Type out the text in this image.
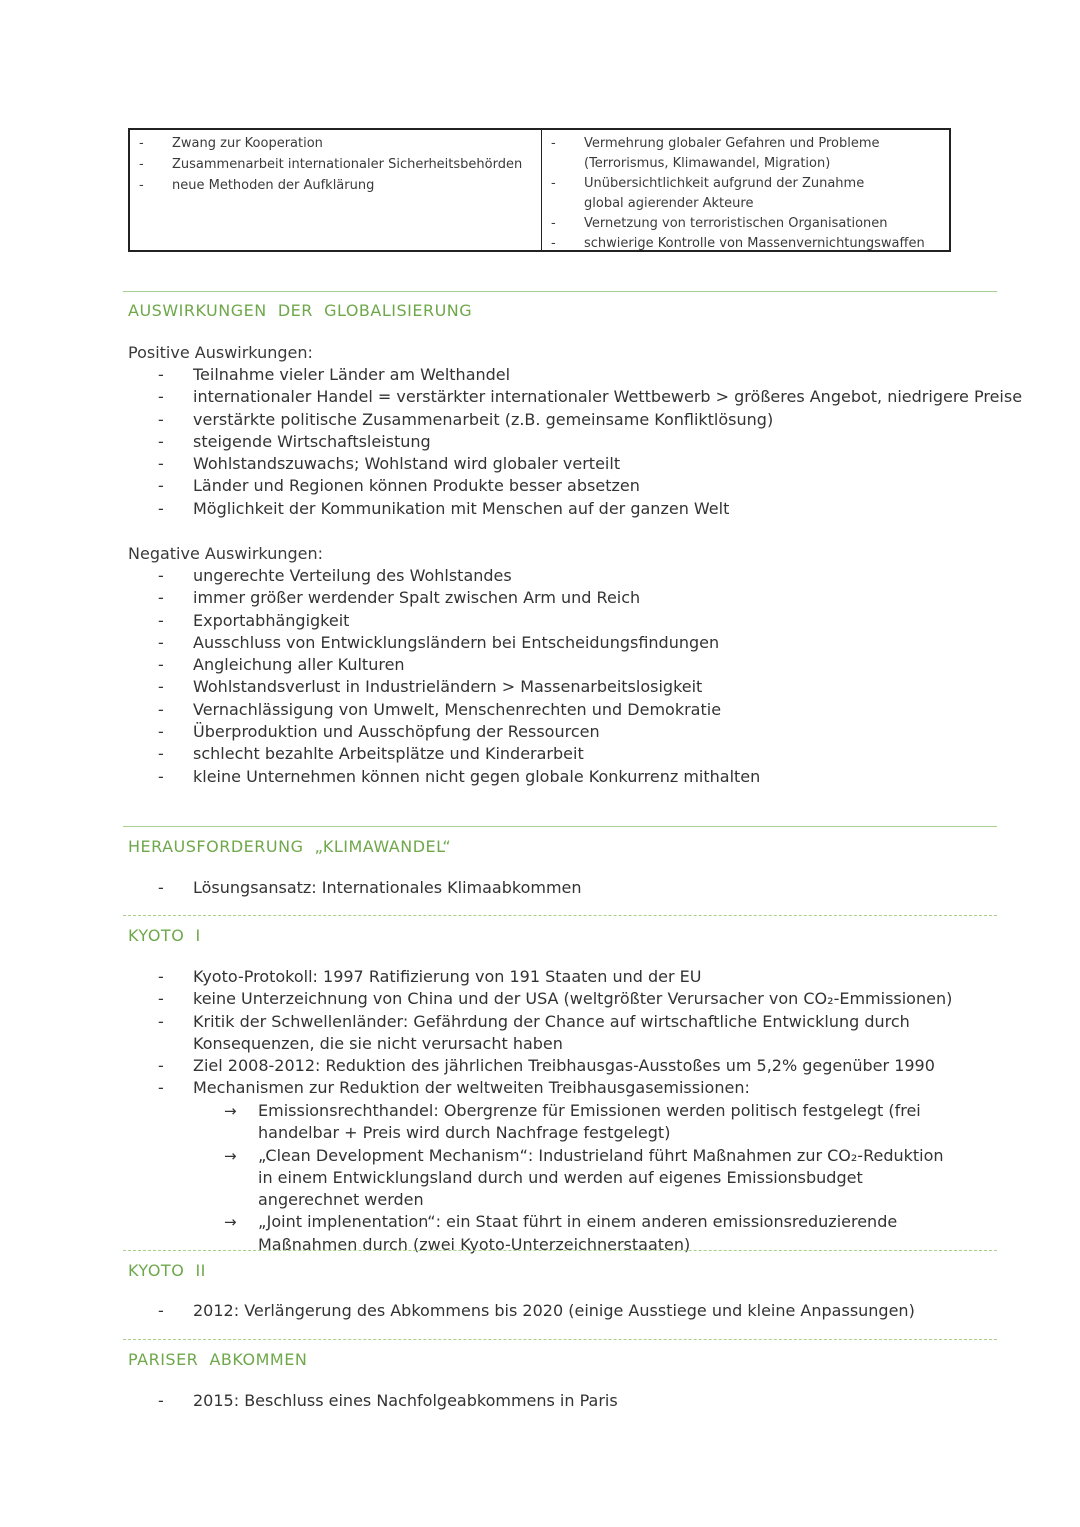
- Zwang zur Kooperation
- Zusammenarbeit internationaler Sicherheitsbehörden
- neue Methoden der Aufklärung
- Vermehrung globaler Gefahren und Probleme (Terrorismus, Klimawandel, Migration)
- Unübersichtlichkeit aufgrund der Zunahme global agierender Akteure
- Vernetzung von terroristischen Organisationen
- schwierige Kontrolle von Massenvernichtungswaffen
AUSWIRKUNGEN  DER  GLOBALISIERUNG
Positive Auswirkungen:
- Teilnahme vieler Länder am Welthandel
- internationaler Handel = verstärkter internationaler Wettbewerb > größeres Angebot, niedrigere Preise
- verstärkte politische Zusammenarbeit (z.B. gemeinsame Konfliktlösung)
- steigende Wirtschaftsleistung
- Wohlstandszuwachs; Wohlstand wird globaler verteilt
- Länder und Regionen können Produkte besser absetzen
- Möglichkeit der Kommunikation mit Menschen auf der ganzen Welt
Negative Auswirkungen:
- ungerechte Verteilung des Wohlstandes
- immer größer werdender Spalt zwischen Arm und Reich
- Exportabhängigkeit
- Ausschluss von Entwicklungsländern bei Entscheidungsfindungen
- Angleichung aller Kulturen
- Wohlstandsverlust in Industrieländern > Massenarbeitslosigkeit
- Vernachlässigung von Umwelt, Menschenrechten und Demokratie
- Überproduktion und Ausschöpfung der Ressourcen
- schlecht bezahlte Arbeitsplätze und Kinderarbeit
- kleine Unternehmen können nicht gegen globale Konkurrenz mithalten
HERAUSFORDERUNG  „KLIMAWANDEL“
- Lösungsansatz: Internationales Klimaabkommen
KYOTO  I
- Kyoto-Protokoll: 1997 Ratifizierung von 191 Staaten und der EU
- keine Unterzeichnung von China und der USA (weltgrößter Verursacher von CO₂-Emmissionen)
- Kritik der Schwellenländer: Gefährdung der Chance auf wirtschaftliche Entwicklung durch Konsequenzen, die sie nicht verursacht haben
- Ziel 2008-2012: Reduktion des jährlichen Treibhausgas-Ausstoßes um 5,2% gegenüber 1990
- Mechanismen zur Reduktion der weltweiten Treibhausgasemissionen:
→ Emissionsrechthandel: Obergrenze für Emissionen werden politisch festgelegt (frei handelbar + Preis wird durch Nachfrage festgelegt)
→ „Clean Development Mechanism“: Industrieland führt Maßnahmen zur CO₂-Reduktion in einem Entwicklungsland durch und werden auf eigenes Emissionsbudget angerechnet werden
→ „Joint implenentation“: ein Staat führt in einem anderen emissionsreduzierende Maßnahmen durch (zwei Kyoto-Unterzeichnerstaaten)
KYOTO  II
- 2012: Verlängerung des Abkommens bis 2020 (einige Ausstiege und kleine Anpassungen)
PARISER  ABKOMMEN
- 2015: Beschluss eines Nachfolgeabkommens in Paris
